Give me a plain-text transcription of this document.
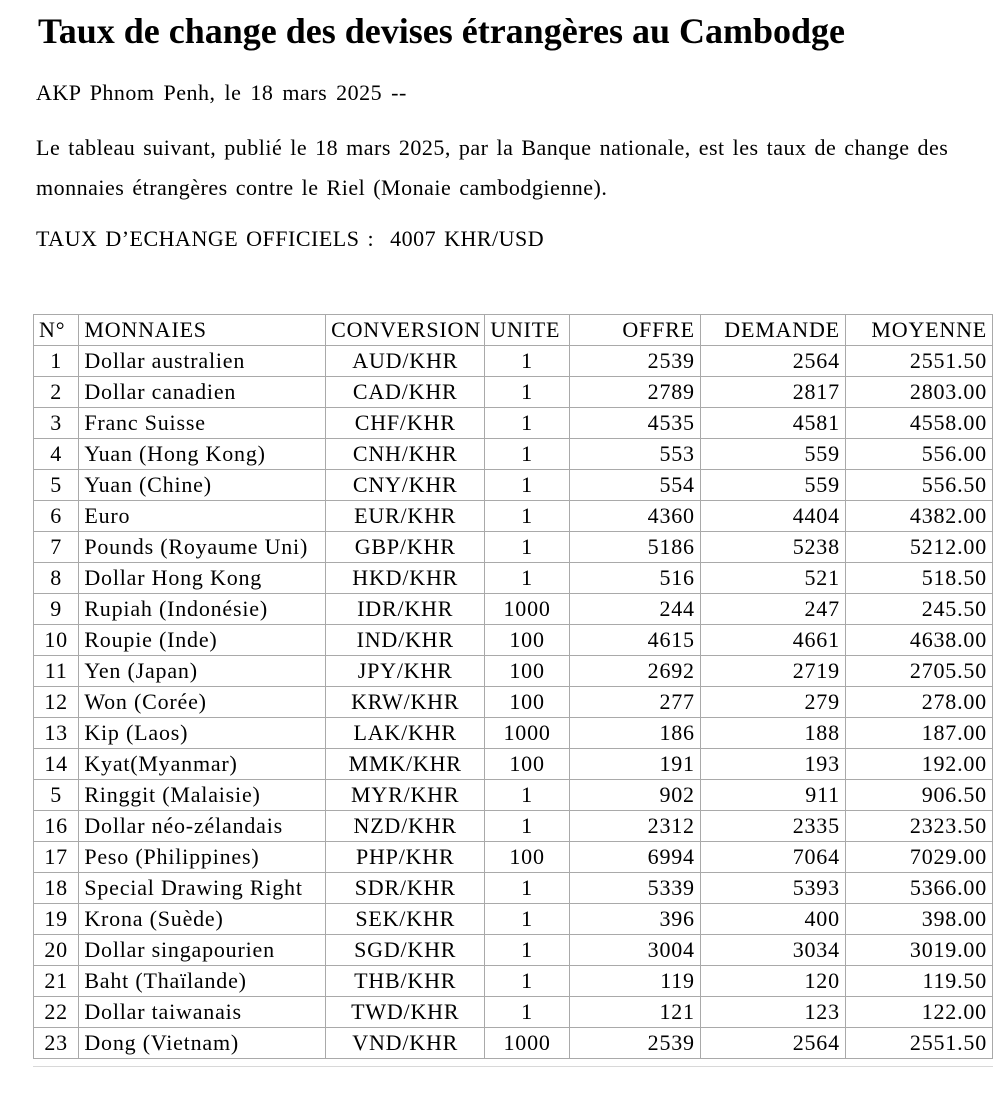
Taux de change des devises étrangères au Cambodge

AKP Phnom Penh, le 18 mars 2025 --

Le tableau suivant, publié le 18 mars 2025, par la Banque nationale, est les taux de change des
monnaies étrangères contre le Riel (Monaie cambodgienne).

TAUX D’ECHANGE OFFICIELS : 4007 KHR/USD

N°	MONNAIES	CONVERSION	UNITE	OFFRE	DEMANDE	MOYENNE
1	Dollar australien	AUD/KHR	1	2539	2564	2551.50
2	Dollar canadien	CAD/KHR	1	2789	2817	2803.00
3	Franc Suisse	CHF/KHR	1	4535	4581	4558.00
4	Yuan (Hong Kong)	CNH/KHR	1	553	559	556.00
5	Yuan (Chine)	CNY/KHR	1	554	559	556.50
6	Euro	EUR/KHR	1	4360	4404	4382.00
7	Pounds (Royaume Uni)	GBP/KHR	1	5186	5238	5212.00
8	Dollar Hong Kong	HKD/KHR	1	516	521	518.50
9	Rupiah (Indonésie)	IDR/KHR	1000	244	247	245.50
10	Roupie (Inde)	IND/KHR	100	4615	4661	4638.00
11	Yen (Japan)	JPY/KHR	100	2692	2719	2705.50
12	Won (Corée)	KRW/KHR	100	277	279	278.00
13	Kip (Laos)	LAK/KHR	1000	186	188	187.00
14	Kyat(Myanmar)	MMK/KHR	100	191	193	192.00
5	Ringgit (Malaisie)	MYR/KHR	1	902	911	906.50
16	Dollar néo-zélandais	NZD/KHR	1	2312	2335	2323.50
17	Peso (Philippines)	PHP/KHR	100	6994	7064	7029.00
18	Special Drawing Right	SDR/KHR	1	5339	5393	5366.00
19	Krona (Suède)	SEK/KHR	1	396	400	398.00
20	Dollar singapourien	SGD/KHR	1	3004	3034	3019.00
21	Baht (Thaïlande)	THB/KHR	1	119	120	119.50
22	Dollar taiwanais	TWD/KHR	1	121	123	122.00
23	Dong (Vietnam)	VND/KHR	1000	2539	2564	2551.50
